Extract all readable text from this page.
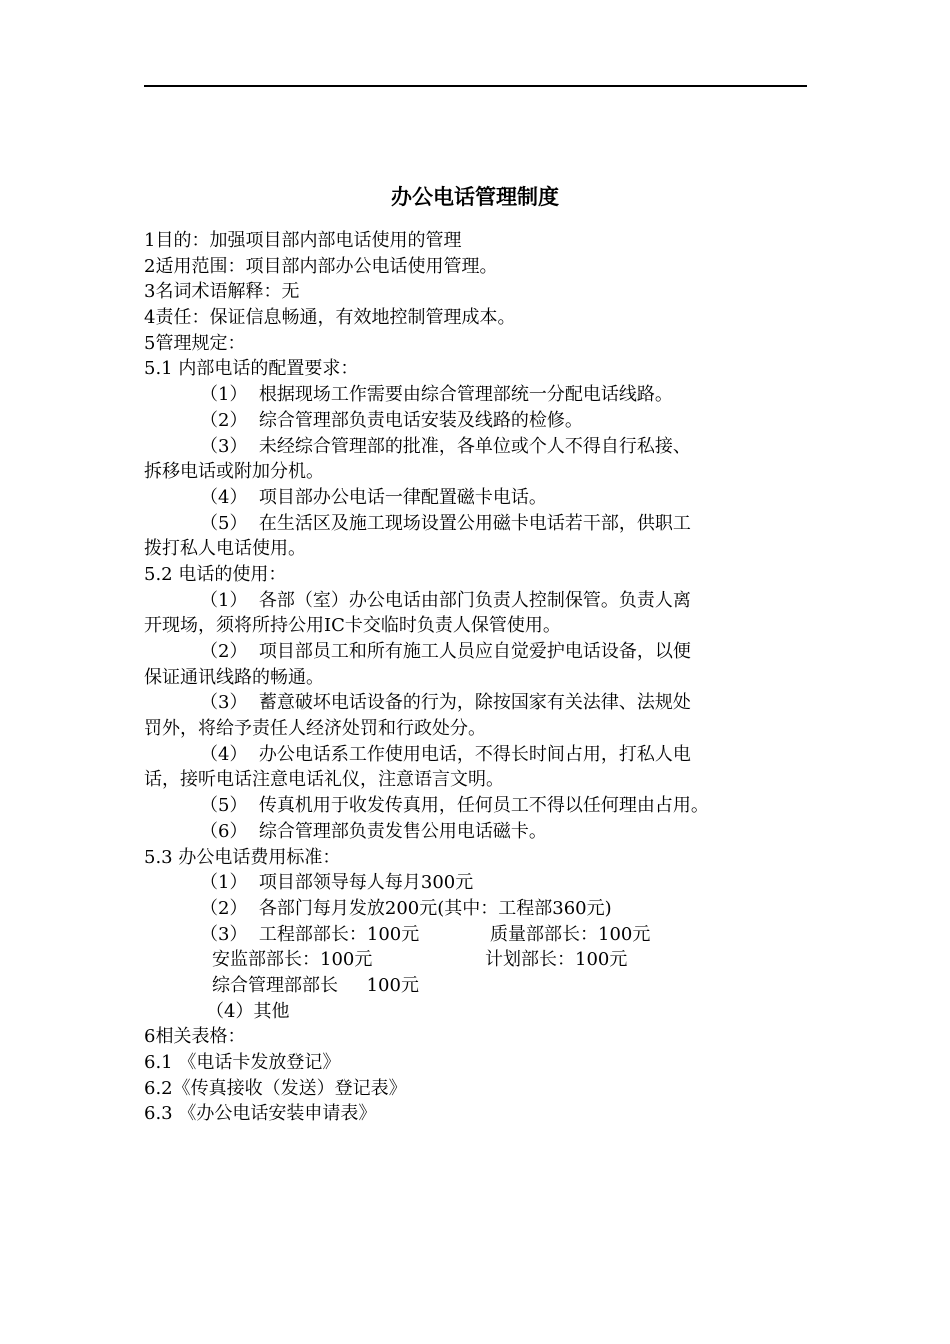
办公电话管理制度
1目的：加强项目部内部电话使用的管理
2适用范围：项目部内部办公电话使用管理。
3名词术语解释：无
4责任：保证信息畅通，有效地控制管理成本。
5管理规定：
5.1 内部电话的配置要求：
（1）  根据现场工作需要由综合管理部统一分配电话线路。
（2）  综合管理部负责电话安装及线路的检修。
（3）  未经综合管理部的批准，各单位或个人不得自行私接、
拆移电话或附加分机。
（4）  项目部办公电话一律配置磁卡电话。
（5）  在生活区及施工现场设置公用磁卡电话若干部，供职工
拨打私人电话使用。
5.2 电话的使用：
（1）  各部（室）办公电话由部门负责人控制保管。负责人离
开现场，须将所持公用IC卡交临时负责人保管使用。
（2）  项目部员工和所有施工人员应自觉爱护电话设备，以便
保证通讯线路的畅通。
（3）  蓄意破坏电话设备的行为，除按国家有关法律、法规处
罚外，将给予责任人经济处罚和行政处分。
（4）  办公电话系工作使用电话，不得长时间占用，打私人电
话，接听电话注意电话礼仪，注意语言文明。
（5）  传真机用于收发传真用，任何员工不得以任何理由占用。
（6）  综合管理部负责发售公用电话磁卡。
5.3 办公电话费用标准：
（1）  项目部领导每人每月300元
（2）  各部门每月发放200元(其中：工程部360元)
（3）  工程部部长：100元	质量部部长：100元
安监部部长：100元	计划部长：100元
综合管理部部长     100元
（4）其他
6相关表格：
6.1 《电话卡发放登记》
6.2《传真接收（发送）登记表》
6.3 《办公电话安装申请表》
